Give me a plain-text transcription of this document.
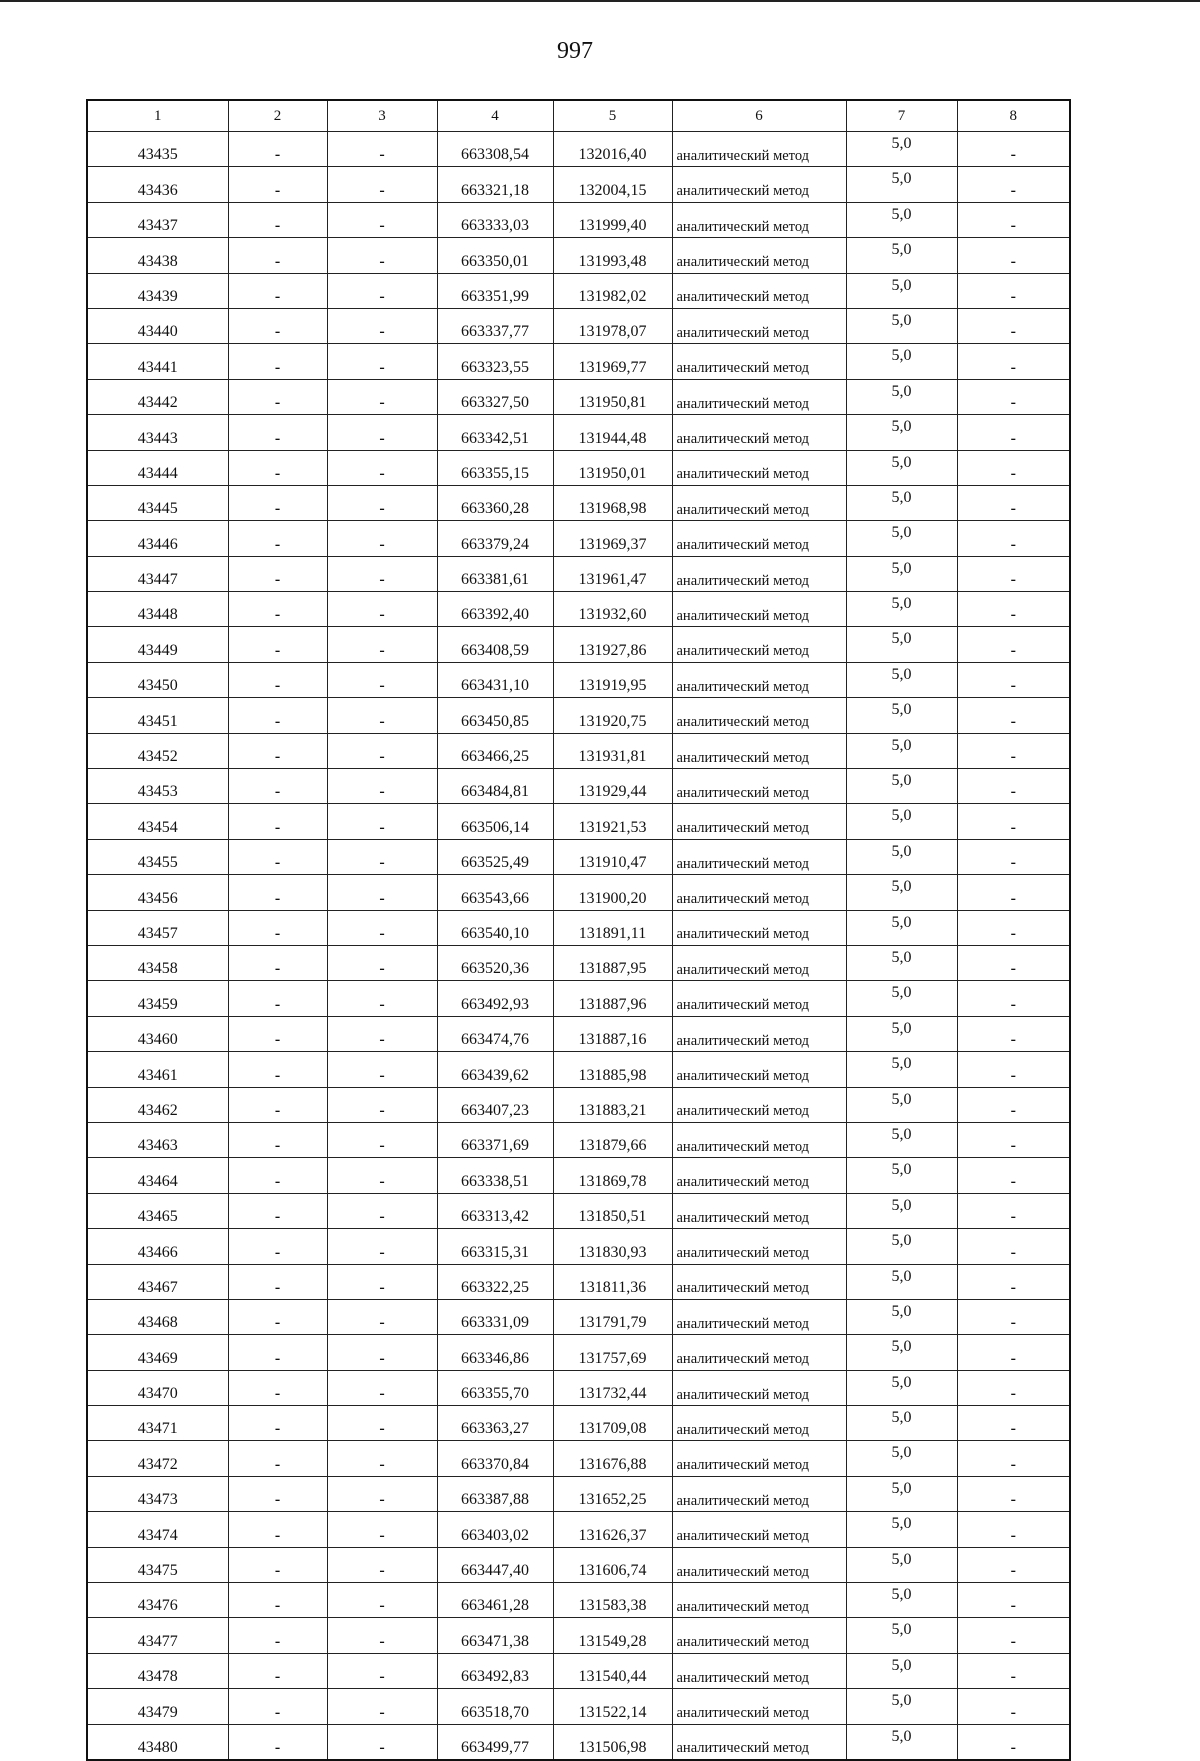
997
1	2	3	4	5	6	7	8
43435	-	-	663308,54	132016,40	аналитический метод	5,0	-
43436	-	-	663321,18	132004,15	аналитический метод	5,0	-
43437	-	-	663333,03	131999,40	аналитический метод	5,0	-
43438	-	-	663350,01	131993,48	аналитический метод	5,0	-
43439	-	-	663351,99	131982,02	аналитический метод	5,0	-
43440	-	-	663337,77	131978,07	аналитический метод	5,0	-
43441	-	-	663323,55	131969,77	аналитический метод	5,0	-
43442	-	-	663327,50	131950,81	аналитический метод	5,0	-
43443	-	-	663342,51	131944,48	аналитический метод	5,0	-
43444	-	-	663355,15	131950,01	аналитический метод	5,0	-
43445	-	-	663360,28	131968,98	аналитический метод	5,0	-
43446	-	-	663379,24	131969,37	аналитический метод	5,0	-
43447	-	-	663381,61	131961,47	аналитический метод	5,0	-
43448	-	-	663392,40	131932,60	аналитический метод	5,0	-
43449	-	-	663408,59	131927,86	аналитический метод	5,0	-
43450	-	-	663431,10	131919,95	аналитический метод	5,0	-
43451	-	-	663450,85	131920,75	аналитический метод	5,0	-
43452	-	-	663466,25	131931,81	аналитический метод	5,0	-
43453	-	-	663484,81	131929,44	аналитический метод	5,0	-
43454	-	-	663506,14	131921,53	аналитический метод	5,0	-
43455	-	-	663525,49	131910,47	аналитический метод	5,0	-
43456	-	-	663543,66	131900,20	аналитический метод	5,0	-
43457	-	-	663540,10	131891,11	аналитический метод	5,0	-
43458	-	-	663520,36	131887,95	аналитический метод	5,0	-
43459	-	-	663492,93	131887,96	аналитический метод	5,0	-
43460	-	-	663474,76	131887,16	аналитический метод	5,0	-
43461	-	-	663439,62	131885,98	аналитический метод	5,0	-
43462	-	-	663407,23	131883,21	аналитический метод	5,0	-
43463	-	-	663371,69	131879,66	аналитический метод	5,0	-
43464	-	-	663338,51	131869,78	аналитический метод	5,0	-
43465	-	-	663313,42	131850,51	аналитический метод	5,0	-
43466	-	-	663315,31	131830,93	аналитический метод	5,0	-
43467	-	-	663322,25	131811,36	аналитический метод	5,0	-
43468	-	-	663331,09	131791,79	аналитический метод	5,0	-
43469	-	-	663346,86	131757,69	аналитический метод	5,0	-
43470	-	-	663355,70	131732,44	аналитический метод	5,0	-
43471	-	-	663363,27	131709,08	аналитический метод	5,0	-
43472	-	-	663370,84	131676,88	аналитический метод	5,0	-
43473	-	-	663387,88	131652,25	аналитический метод	5,0	-
43474	-	-	663403,02	131626,37	аналитический метод	5,0	-
43475	-	-	663447,40	131606,74	аналитический метод	5,0	-
43476	-	-	663461,28	131583,38	аналитический метод	5,0	-
43477	-	-	663471,38	131549,28	аналитический метод	5,0	-
43478	-	-	663492,83	131540,44	аналитический метод	5,0	-
43479	-	-	663518,70	131522,14	аналитический метод	5,0	-
43480	-	-	663499,77	131506,98	аналитический метод	5,0	-
